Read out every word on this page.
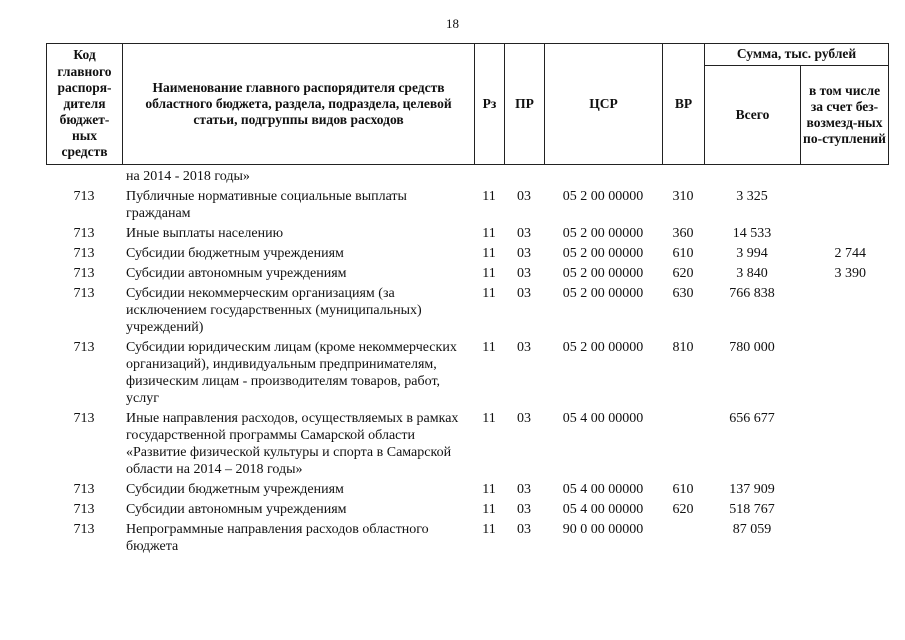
18
Код главного распоря-дителя бюджет-ных средств	Наименование главного распорядителя средств областного бюджета, раздела, подраздела, целевой статьи, подгруппы видов расходов	Рз	ПР	ЦСР	ВР	Сумма, тыс. рублей	
						Всего	в том числе за счет без-возмезд-ных по-ступлений
	на 2014 - 2018 годы»						
713	Публичные нормативные социальные выплаты гражданам	11	03	05 2 00 00000	310	3 325	
713	Иные выплаты населению	11	03	05 2 00 00000	360	14 533	
713	Субсидии бюджетным учреждениям	11	03	05 2 00 00000	610	3 994	2 744
713	Субсидии автономным учреждениям	11	03	05 2 00 00000	620	3 840	3 390
713	Субсидии некоммерческим организациям (за исключением государственных (муниципальных) учреждений)	11	03	05 2 00 00000	630	766 838	
713	Субсидии юридическим лицам (кроме некоммерческих организаций), индивидуальным предпринимателям, физическим лицам - производителям товаров, работ, услуг	11	03	05 2 00 00000	810	780 000	
713	Иные направления расходов, осуществляемых в рамках государственной программы Самарской области «Развитие физической культуры и спорта в Самарской области на 2014 – 2018 годы»	11	03	05 4 00 00000		656 677	
713	Субсидии бюджетным учреждениям	11	03	05 4 00 00000	610	137 909	
713	Субсидии автономным учреждениям	11	03	05 4 00 00000	620	518 767	
713	Непрограммные направления расходов областного бюджета	11	03	90 0 00 00000		87 059	
